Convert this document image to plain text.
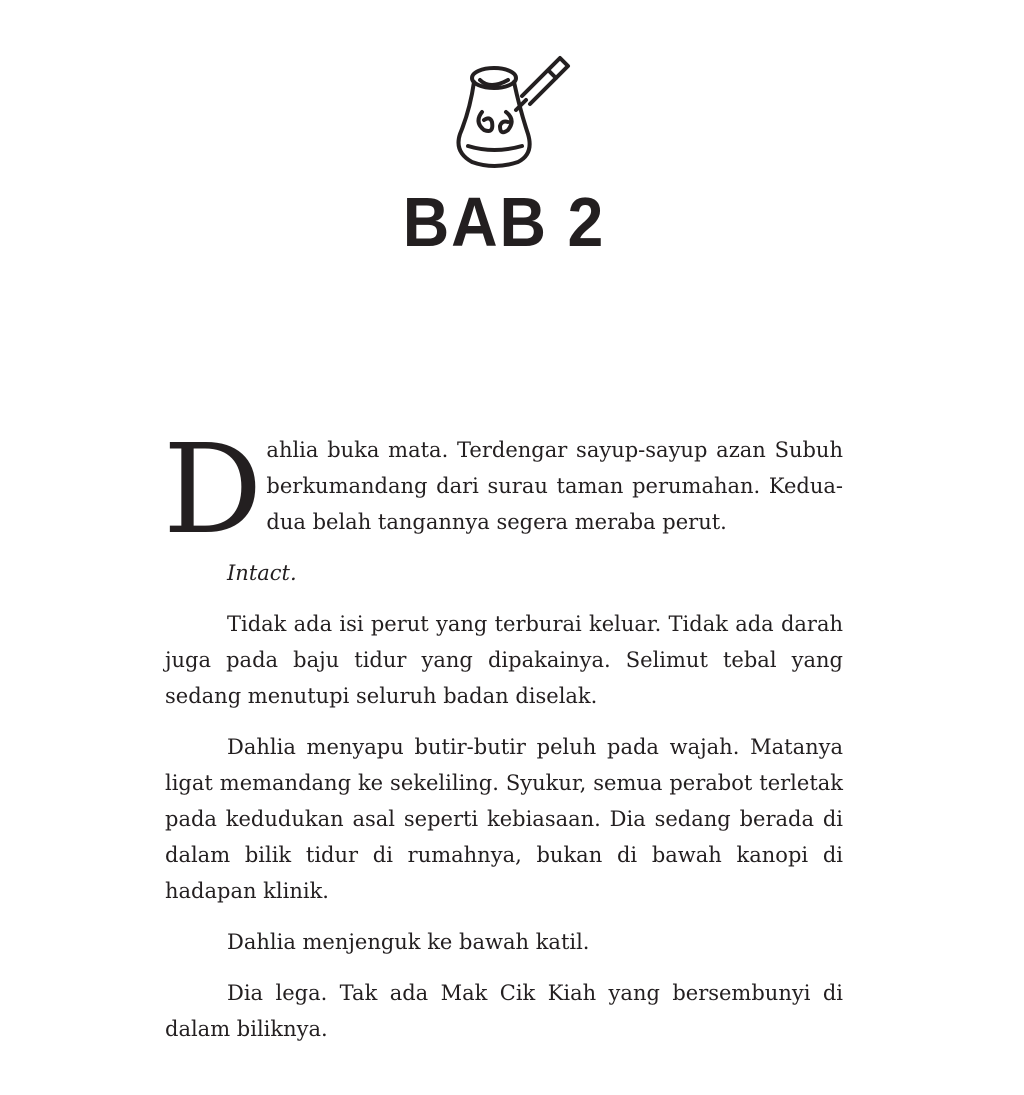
BAB 2

Dahlia buka mata. Terdengar sayup-sayup azan Subuh berkumandang dari surau taman perumahan. Kedua-dua belah tangannya segera meraba perut.

Intact.

Tidak ada isi perut yang terburai keluar. Tidak ada darah juga pada baju tidur yang dipakainya. Selimut tebal yang sedang menutupi seluruh badan diselak.

Dahlia menyapu butir-butir peluh pada wajah. Matanya ligat memandang ke sekeliling. Syukur, semua perabot terletak pada kedudukan asal seperti kebiasaan. Dia sedang berada di dalam bilik tidur di rumahnya, bukan di bawah kanopi di hadapan klinik.

Dahlia menjenguk ke bawah katil.

Dia lega. Tak ada Mak Cik Kiah yang bersembunyi di dalam biliknya.
